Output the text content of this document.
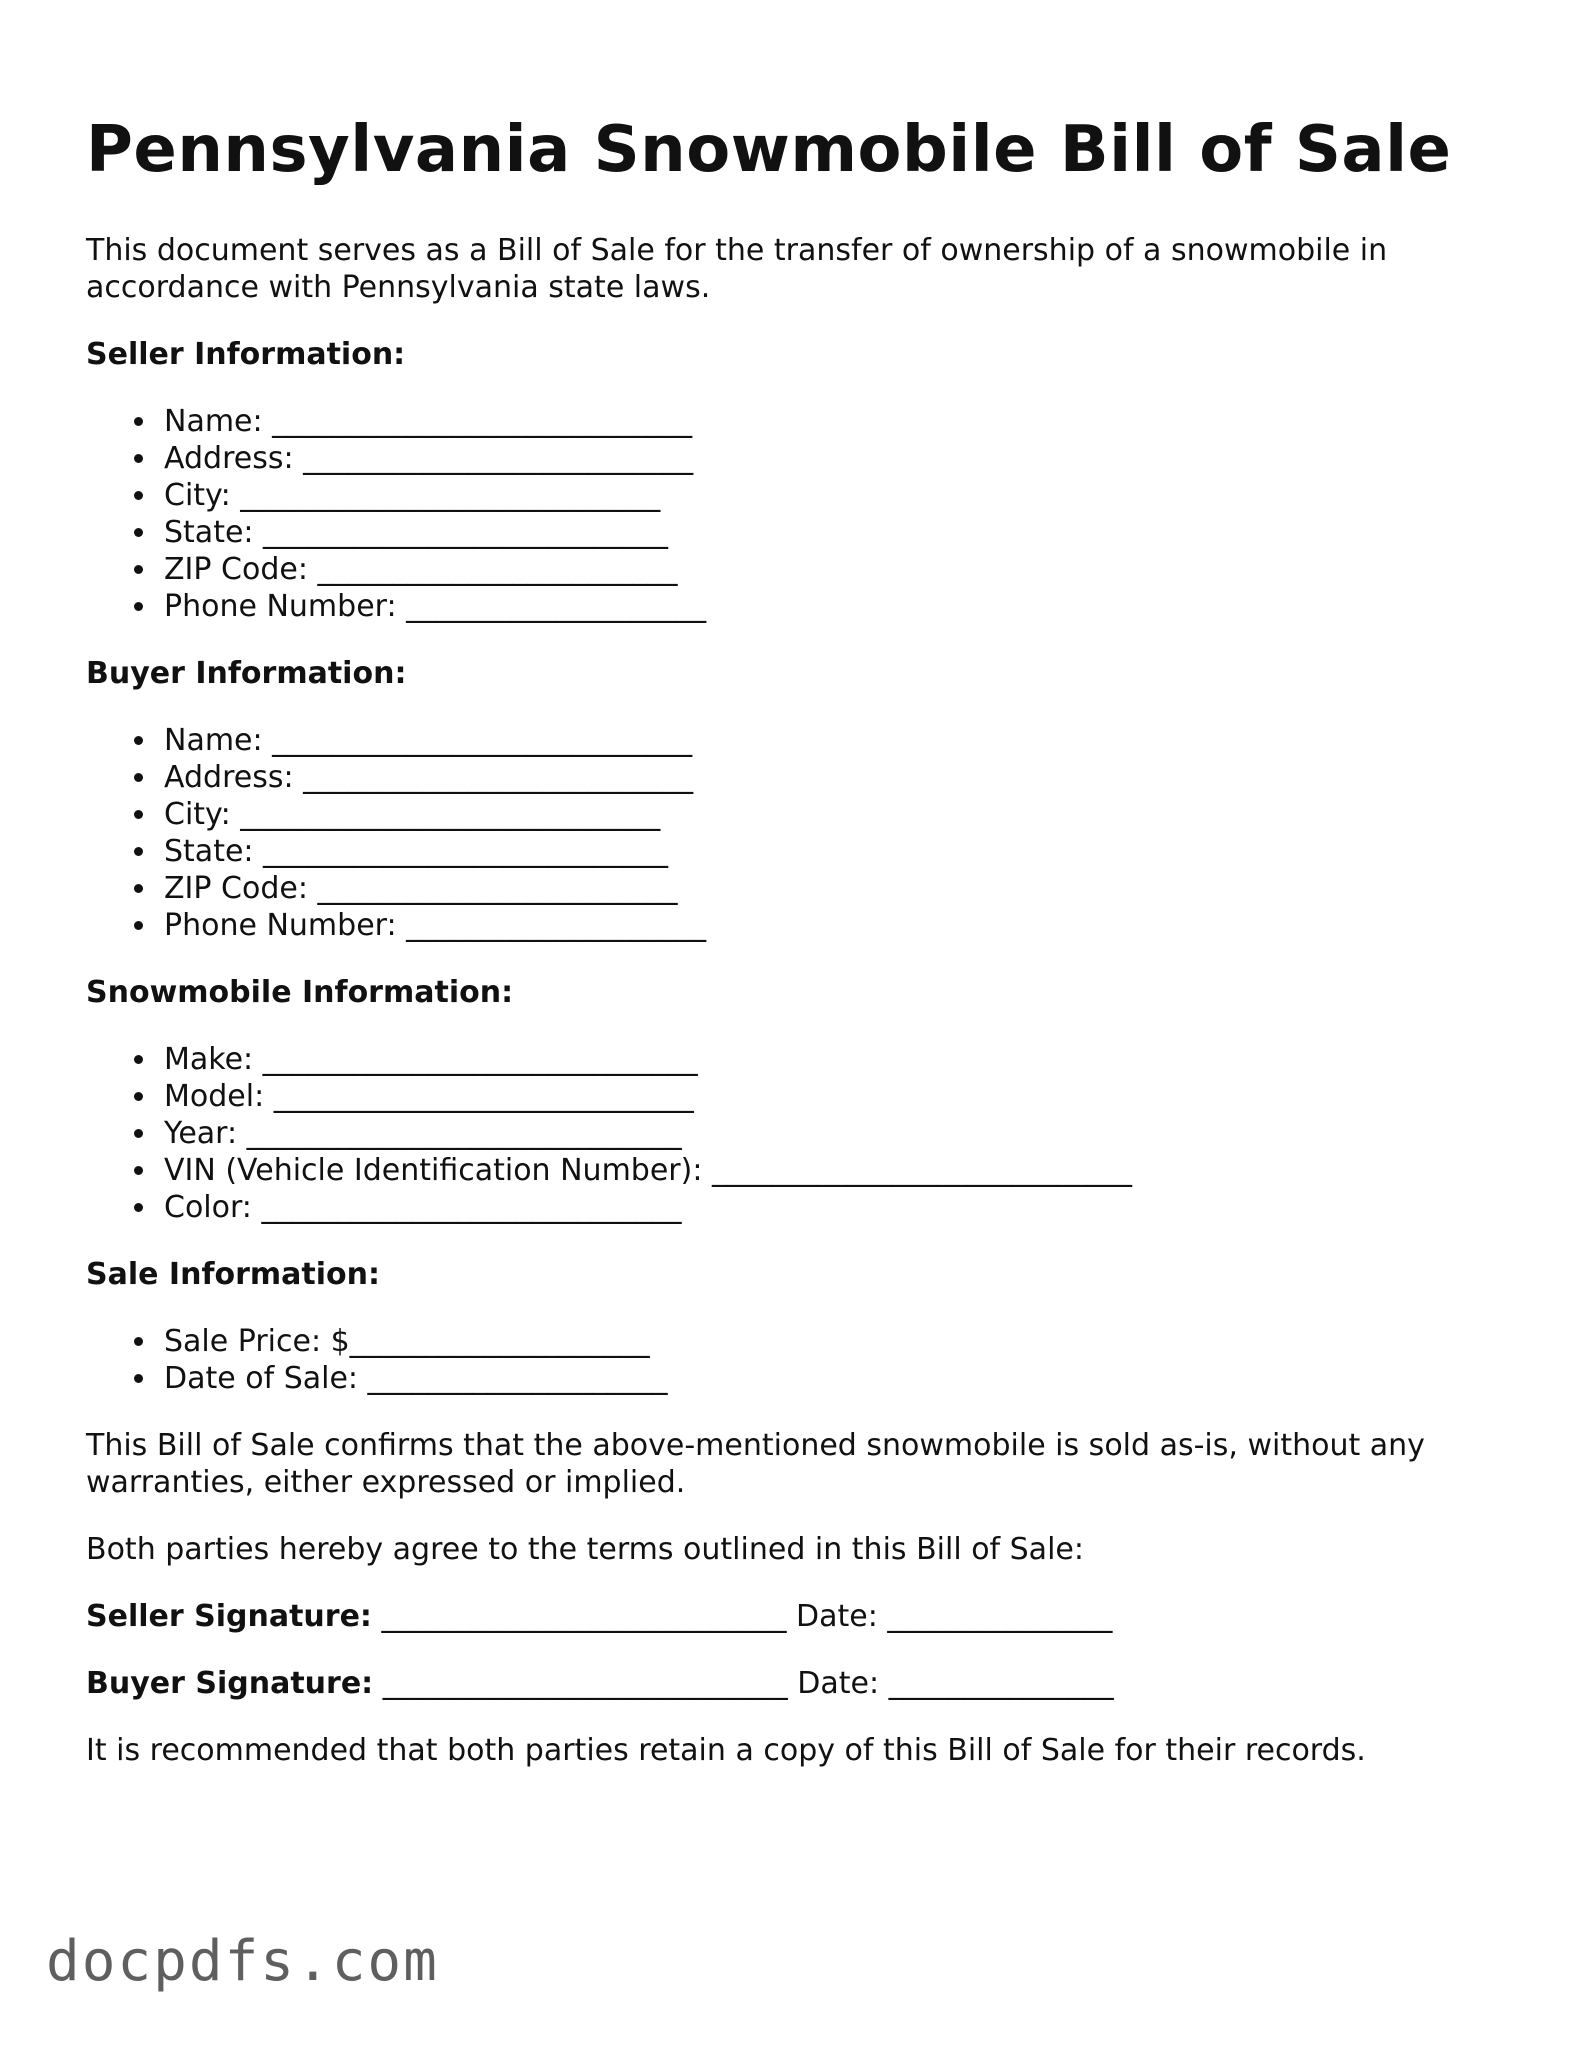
Pennsylvania Snowmobile Bill of Sale

This document serves as a Bill of Sale for the transfer of ownership of a snowmobile in accordance with Pennsylvania state laws.

Seller Information:
Name: ____________________________
Address: __________________________
City: ____________________________
State: ___________________________
ZIP Code: ________________________
Phone Number: ____________________
Buyer Information:
Name: ____________________________
Address: __________________________
City: ____________________________
State: ___________________________
ZIP Code: ________________________
Phone Number: ____________________
Snowmobile Information:
Make: _____________________________
Model: ____________________________
Year: _____________________________
VIN (Vehicle Identification Number): ____________________________
Color: ____________________________
Sale Information:
Sale Price: $____________________
Date of Sale: ____________________

This Bill of Sale confirms that the above-mentioned snowmobile is sold as-is, without any warranties, either expressed or implied.

Both parties hereby agree to the terms outlined in this Bill of Sale:

Seller Signature: ___________________________ Date: _______________
Buyer Signature: ___________________________ Date: _______________

It is recommended that both parties retain a copy of this Bill of Sale for their records.

docpdfs.com
